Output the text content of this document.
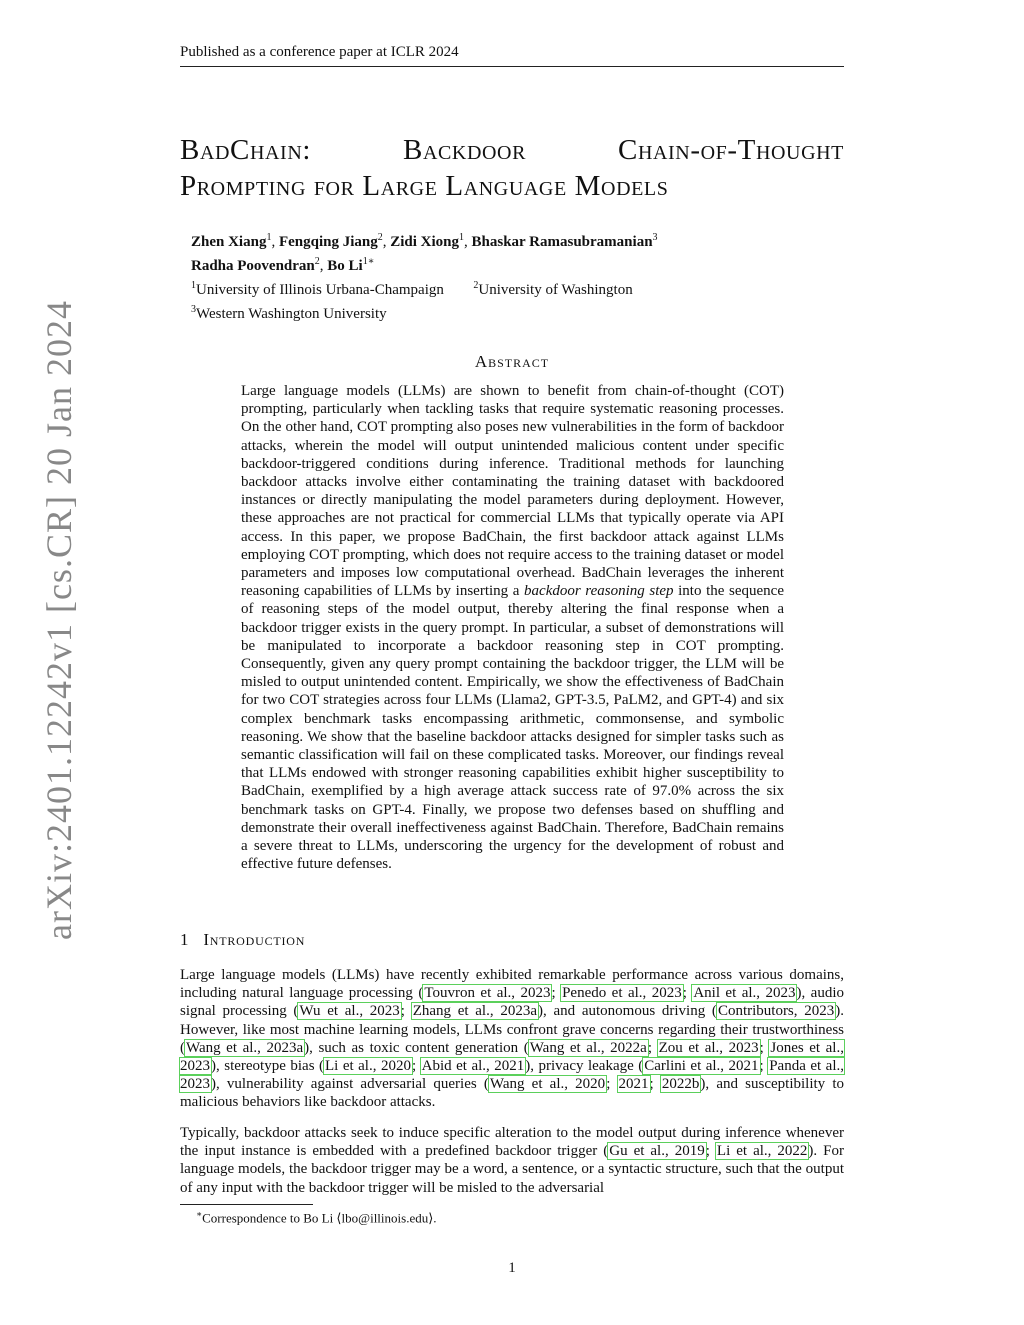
Published as a conference paper at ICLR 2024
BadChain:	Backdoor	Chain-of-Thought
Prompting for Large Language Models
Zhen Xiang$^1$, Fengqing Jiang$^2$, Zidi Xiong$^1$, Bhaskar Ramasubramanian$^3$
Radha Poovendran$^2$, Bo $Li^{1∗}$
$^1$University of Illinois Urbana-Champaign	$^2$University of Washington
$^3$Western Washington University
Abstract
Large language models (LLMs) are shown to benefit from chain-of-thought (COT) prompting, particularly when tackling tasks that require systematic reasoning processes. On the other hand, COT prompting also poses new vulnerabilities in the form of backdoor attacks, wherein the model will output unintended malicious content under specific backdoor-triggered conditions during inference. Traditional methods for launching backdoor attacks involve either contaminating the training dataset with backdoored instances or directly manipulating the model parameters during deployment. However, these approaches are not practical for commercial LLMs that typically operate via API access. In this paper, we propose BadChain, the first backdoor attack against LLMs employing COT prompting, which does not require access to the training dataset or model parameters and imposes low computational overhead. BadChain leverages the inherent reasoning capabilities of LLMs by inserting a backdoor reasoning step into the sequence of reasoning steps of the model output, thereby altering the final response when a backdoor trigger exists in the query prompt. In particular, a subset of demonstrations will be manipulated to incorporate a backdoor reasoning step in COT prompting. Consequently, given any query prompt containing the backdoor trigger, the LLM will be misled to output unintended content. Empirically, we show the effectiveness of BadChain for two COT strategies across four LLMs (Llama2, GPT-3.5, PaLM2, and GPT-4) and six complex benchmark tasks encompassing arithmetic, commonsense, and symbolic reasoning. We show that the baseline backdoor attacks designed for simpler tasks such as semantic classification will fail on these complicated tasks. Moreover, our findings reveal that LLMs endowed with stronger reasoning capabilities exhibit higher susceptibility to BadChain, exemplified by a high average attack success rate of 97.0% across the six benchmark tasks on GPT-4. Finally, we propose two defenses based on shuffling and demonstrate their overall ineffectiveness against BadChain. Therefore, BadChain remains a severe threat to LLMs, underscoring the urgency for the development of robust and effective future defenses.
arXiv:2401.12242v1 [cs.CR] 20 Jan 2024	1 Introduction
Large language models (LLMs) have recently exhibited remarkable performance across various domains, including natural language processing (Touvron et al., 2023; Penedo et al., 2023; Anil et al., 2023), audio signal processing (Wu et al., 2023; Zhang et al., 2023a), and autonomous driving (Contributors, 2023). However, like most machine learning models, LLMs confront grave concerns regarding their trustworthiness (Wang et al., 2023a), such as toxic content generation (Wang et al., 2022a; Zou et al., 2023; Jones et al., 2023), stereotype bias (Li et al., 2020; Abid et al., 2021), privacy leakage (Carlini et al., 2021; Panda et al., 2023), vulnerability against adversarial queries (Wang et al., 2020; 2021; 2022b), and susceptibility to malicious behaviors like backdoor attacks.
Typically, backdoor attacks seek to induce specific alteration to the model output during inference whenever the input instance is embedded with a predefined backdoor trigger (Gu et al., 2019; Li et al., 2022). For language models, the backdoor trigger may be a word, a sentence, or a syntactic structure, such that the output of any input with the backdoor trigger will be misled to the adversarial
∗Correspondence to Bo Li ⟨lbo@illinois.edu⟩.
1
